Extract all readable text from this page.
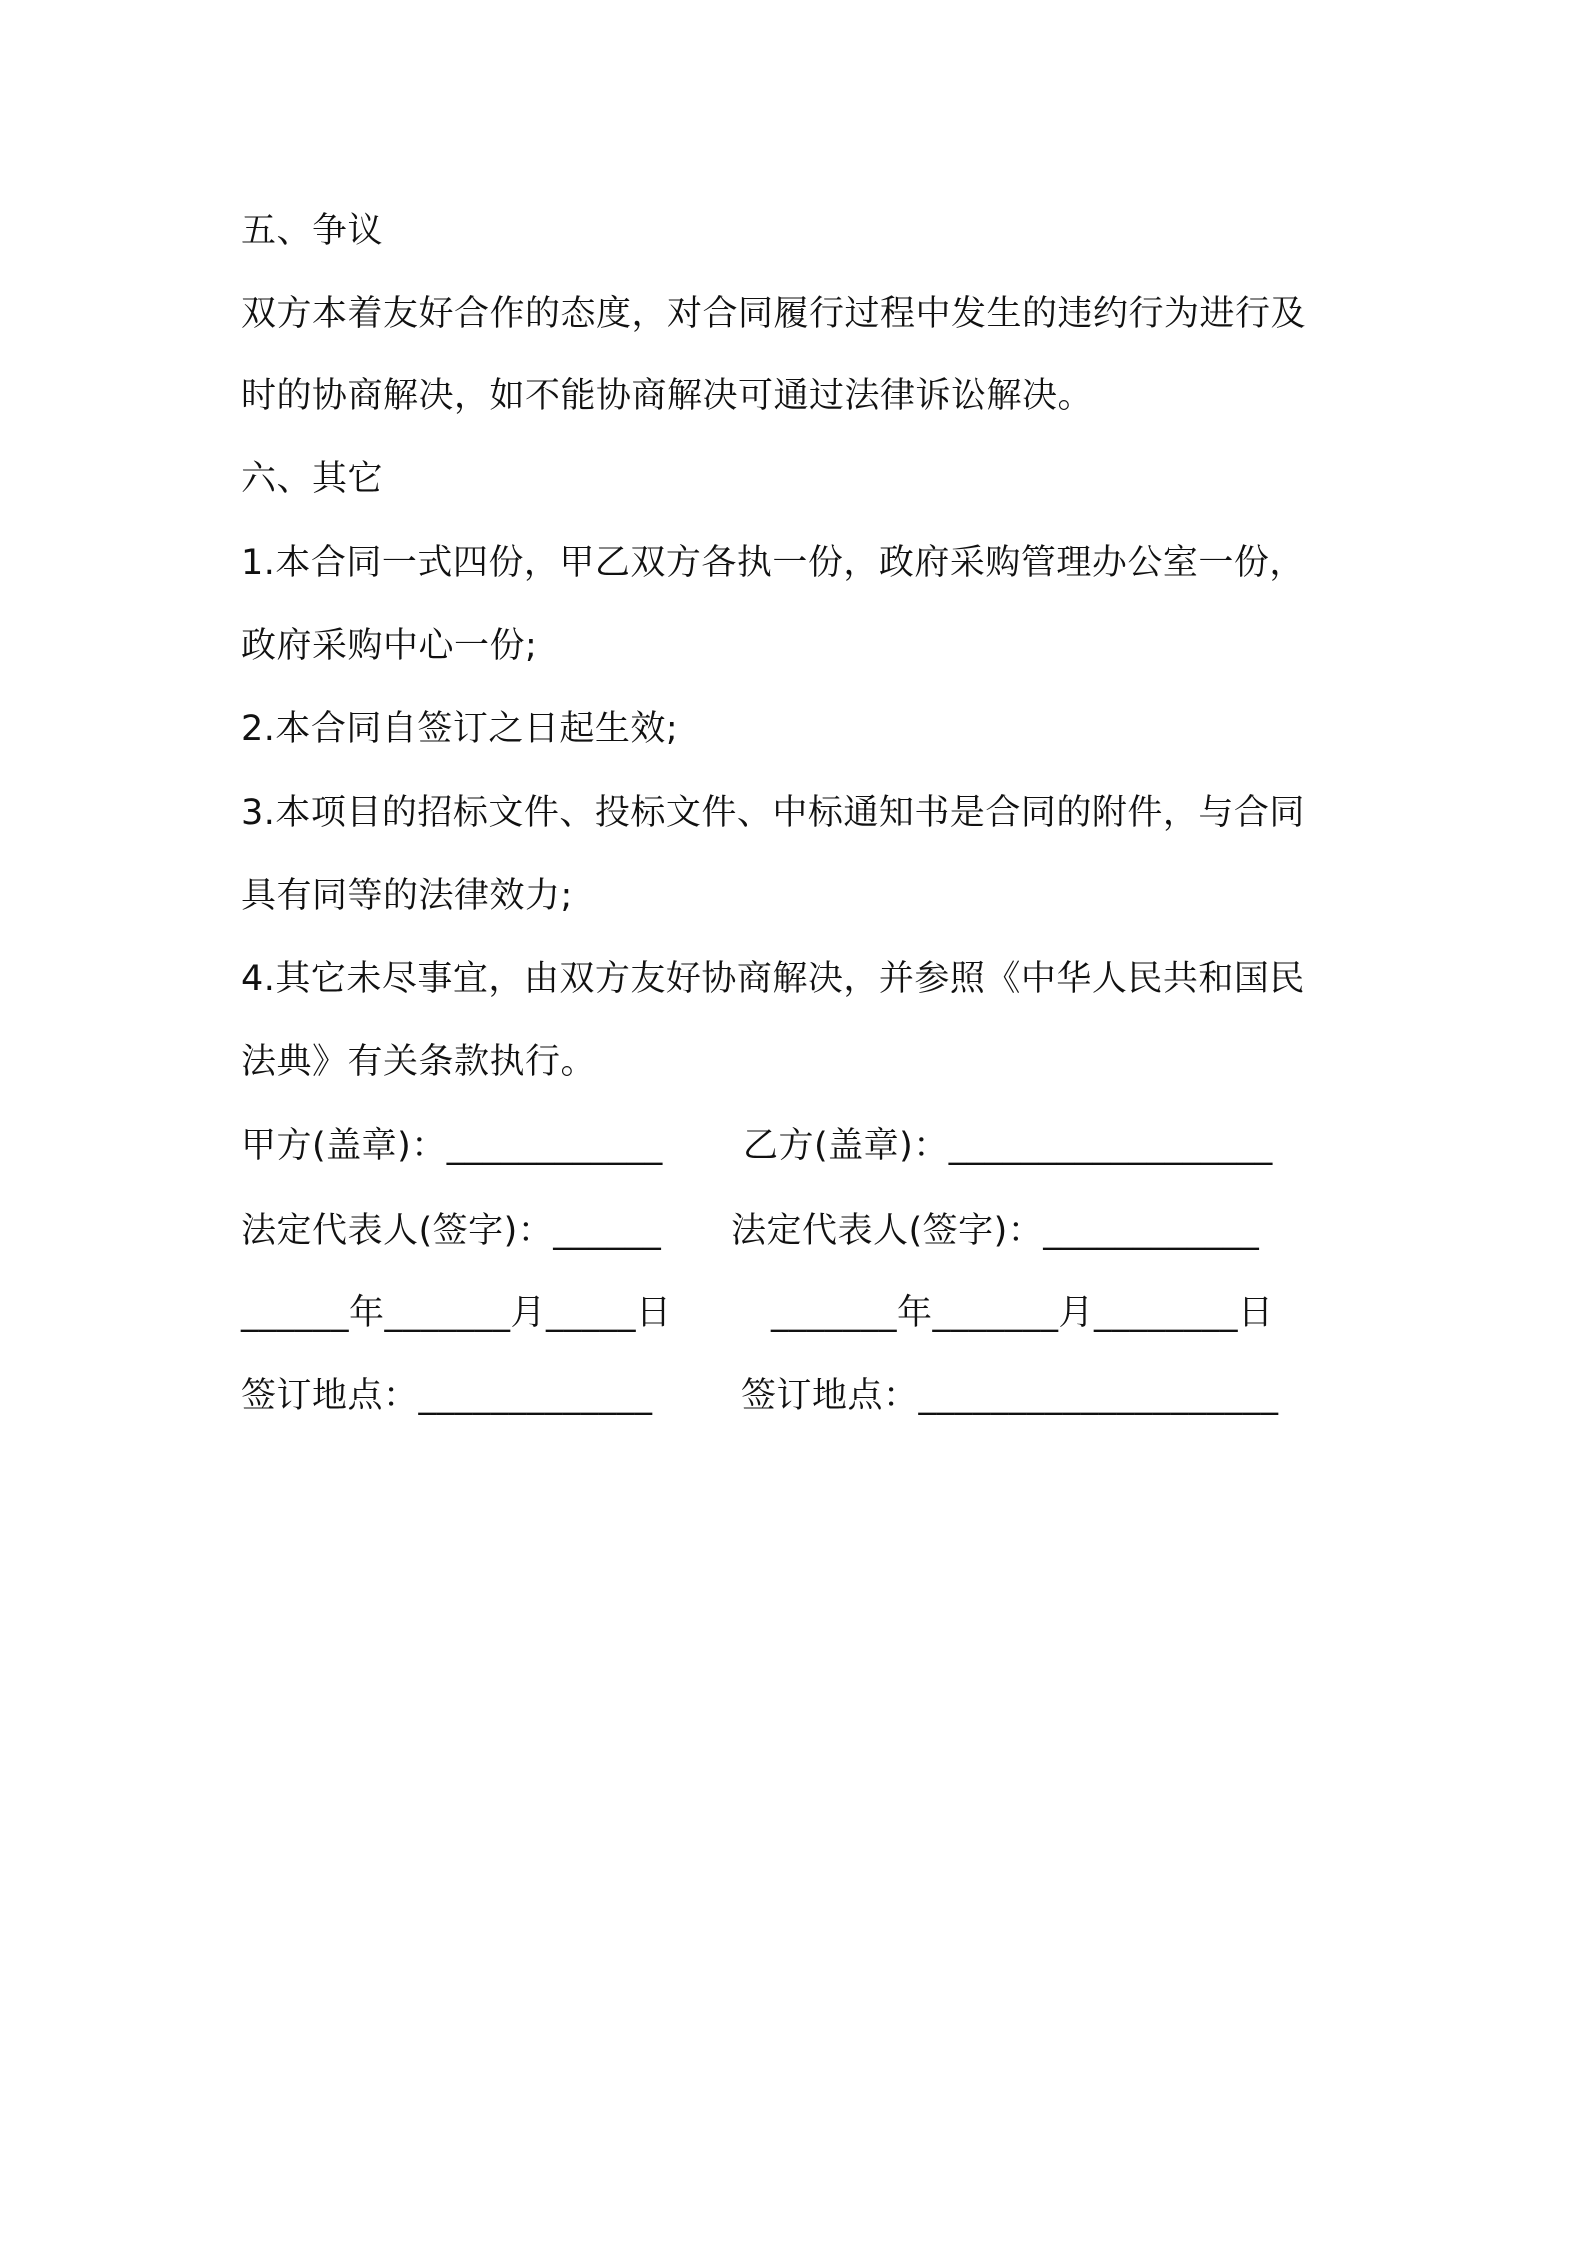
五、争议
双方本着友好合作的态度，对合同履行过程中发生的违约行为进行及
时的协商解决，如不能协商解决可通过法律诉讼解决。
六、其它
1.本合同一式四份，甲乙双方各执一份，政府采购管理办公室一份，
政府采购中心一份;
2.本合同自签订之日起生效;
3.本项目的招标文件、投标文件、中标通知书是合同的附件，与合同
具有同等的法律效力;
4.其它未尽事宜，由双方友好协商解决，并参照《中华人民共和国民
法典》有关条款执行。
甲方(盖章)：____________ 乙方(盖章)：__________________
法定代表人(签字)：______ 法定代表人(签字)：____________
______年_______月_____日	_______年_______月________日
签订地点：_____________	签订地点：____________________
